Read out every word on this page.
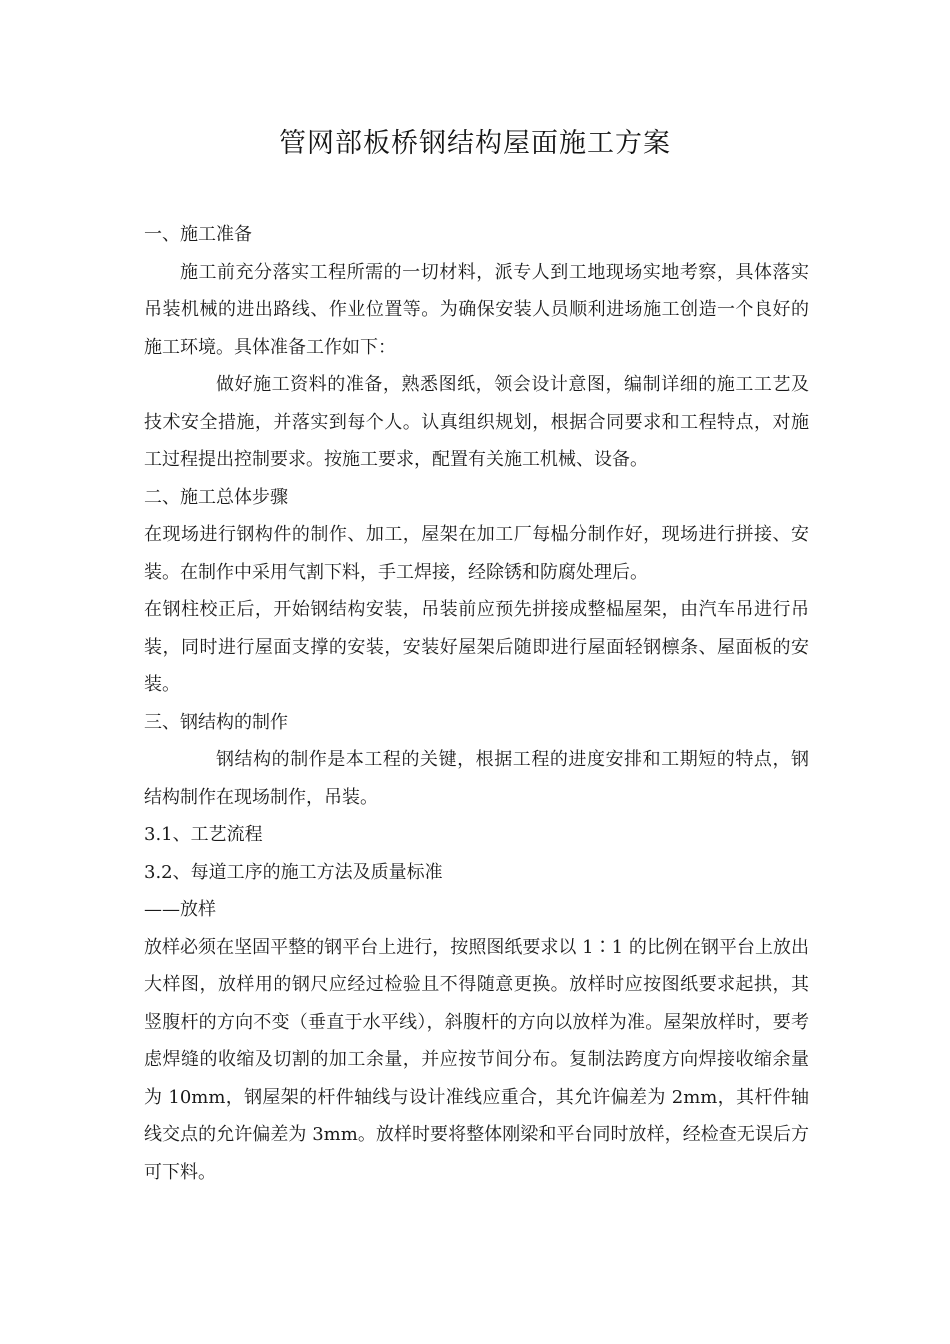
管网部板桥钢结构屋面施工方案

一、施工准备

施工前充分落实工程所需的一切材料，派专人到工地现场实地考察，具体落实吊装机械的进出路线、作业位置等。为确保安装人员顺利进场施工创造一个良好的施工环境。具体准备工作如下：

做好施工资料的准备，熟悉图纸，领会设计意图，编制详细的施工工艺及技术安全措施，并落实到每个人。认真组织规划，根据合同要求和工程特点，对施工过程提出控制要求。按施工要求，配置有关施工机械、设备。

二、施工总体步骤

在现场进行钢构件的制作、加工，屋架在加工厂每榀分制作好，现场进行拼接、安装。在制作中采用气割下料，手工焊接，经除锈和防腐处理后。

在钢柱校正后，开始钢结构安装，吊装前应预先拼接成整榀屋架，由汽车吊进行吊装，同时进行屋面支撑的安装，安装好屋架后随即进行屋面轻钢檩条、屋面板的安装。

三、钢结构的制作

钢结构的制作是本工程的关键，根据工程的进度安排和工期短的特点，钢结构制作在现场制作，吊装。

3.1、工艺流程

3.2、每道工序的施工方法及质量标准

——放样

放样必须在坚固平整的钢平台上进行，按照图纸要求以 1∶1 的比例在钢平台上放出大样图，放样用的钢尺应经过检验且不得随意更换。放样时应按图纸要求起拱，其竖腹杆的方向不变（垂直于水平线），斜腹杆的方向以放样为准。屋架放样时，要考虑焊缝的收缩及切割的加工余量，并应按节间分布。复制法跨度方向焊接收缩余量为 10mm，钢屋架的杆件轴线与设计准线应重合，其允许偏差为 2mm，其杆件轴线交点的允许偏差为 3mm。放样时要将整体刚梁和平台同时放样，经检查无误后方可下料。
